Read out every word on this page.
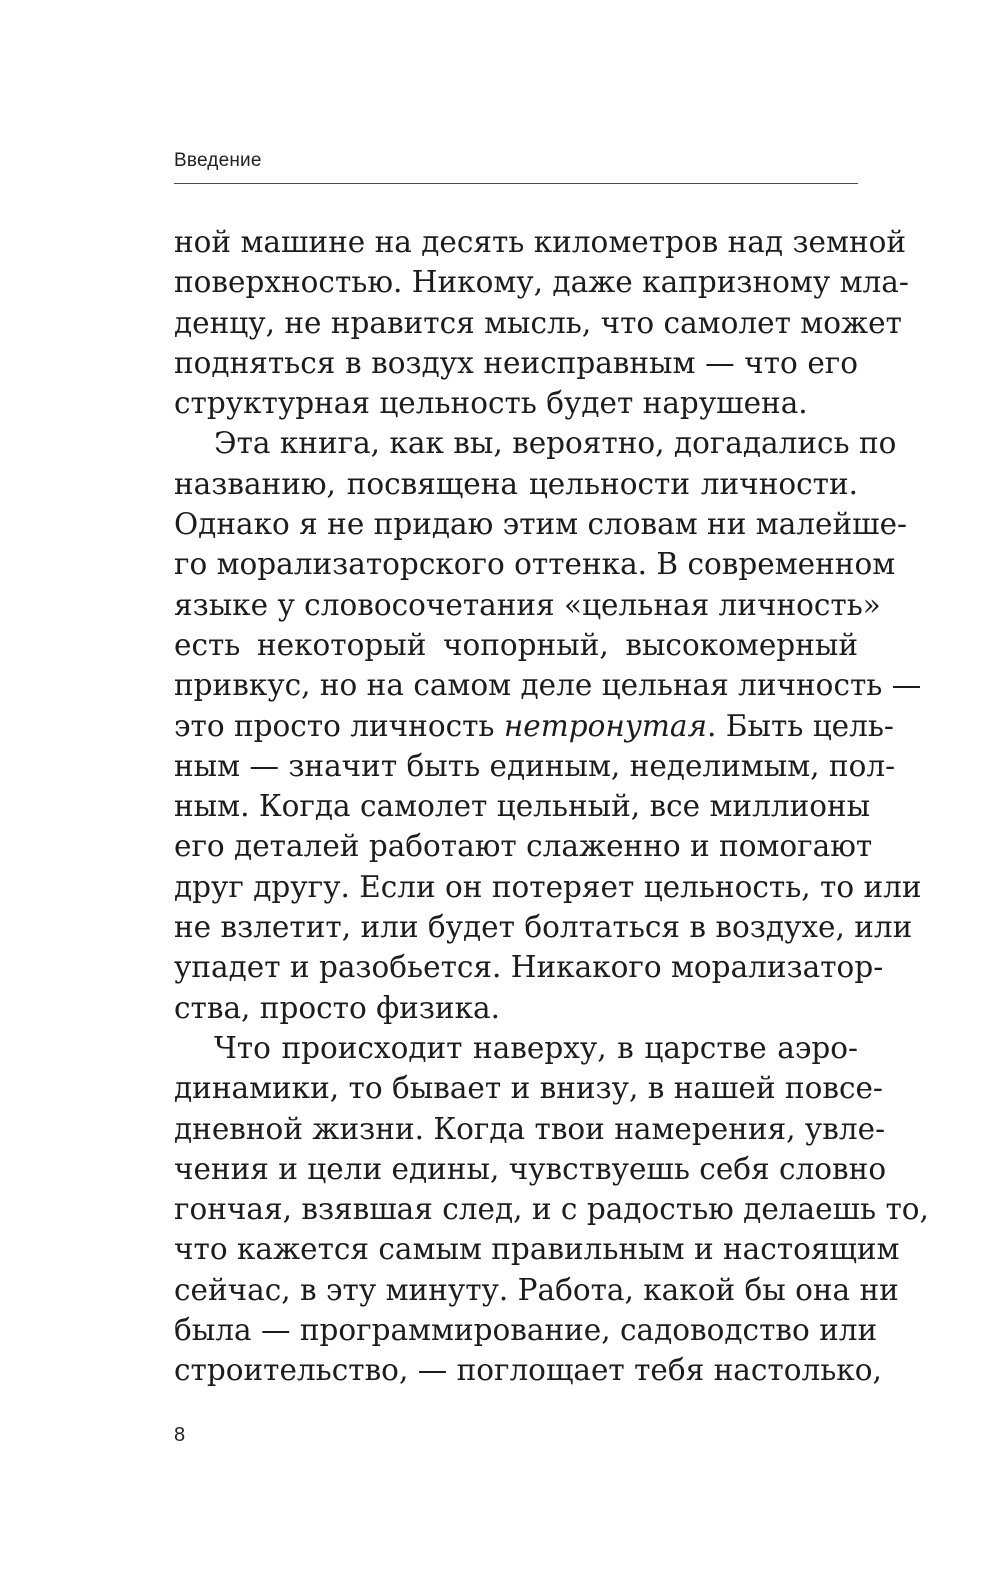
Введение
ной машине на десять километров над земной
поверхностью. Никому, даже капризному мла-
денцу, не нравится мысль, что самолет может
подняться в воздух неисправным — что его
структурная цельность будет нарушена.
Эта книга, как вы, вероятно, догадались по
названию, посвящена цельности личности.
Однако я не придаю этим словам ни малейше-
го морализаторского оттенка. В современном
языке у словосочетания «цельная личность»
есть некоторый чопорный, высокомерный
привкус, но на самом деле цельная личность —
это просто личность нетронутая. Быть цель-
ным — значит быть единым, неделимым, пол-
ным. Когда самолет цельный, все миллионы
его деталей работают слаженно и помогают
друг другу. Если он потеряет цельность, то или
не взлетит, или будет болтаться в воздухе, или
упадет и разобьется. Никакого морализатор-
ства, просто физика.
Что происходит наверху, в царстве аэро-
динамики, то бывает и внизу, в нашей повсе-
дневной жизни. Когда твои намерения, увле-
чения и цели едины, чувствуешь себя словно
гончая, взявшая след, и с радостью делаешь то,
что кажется самым правильным и настоящим
сейчас, в эту минуту. Работа, какой бы она ни
была — программирование, садоводство или
строительство, — поглощает тебя настолько,
8
